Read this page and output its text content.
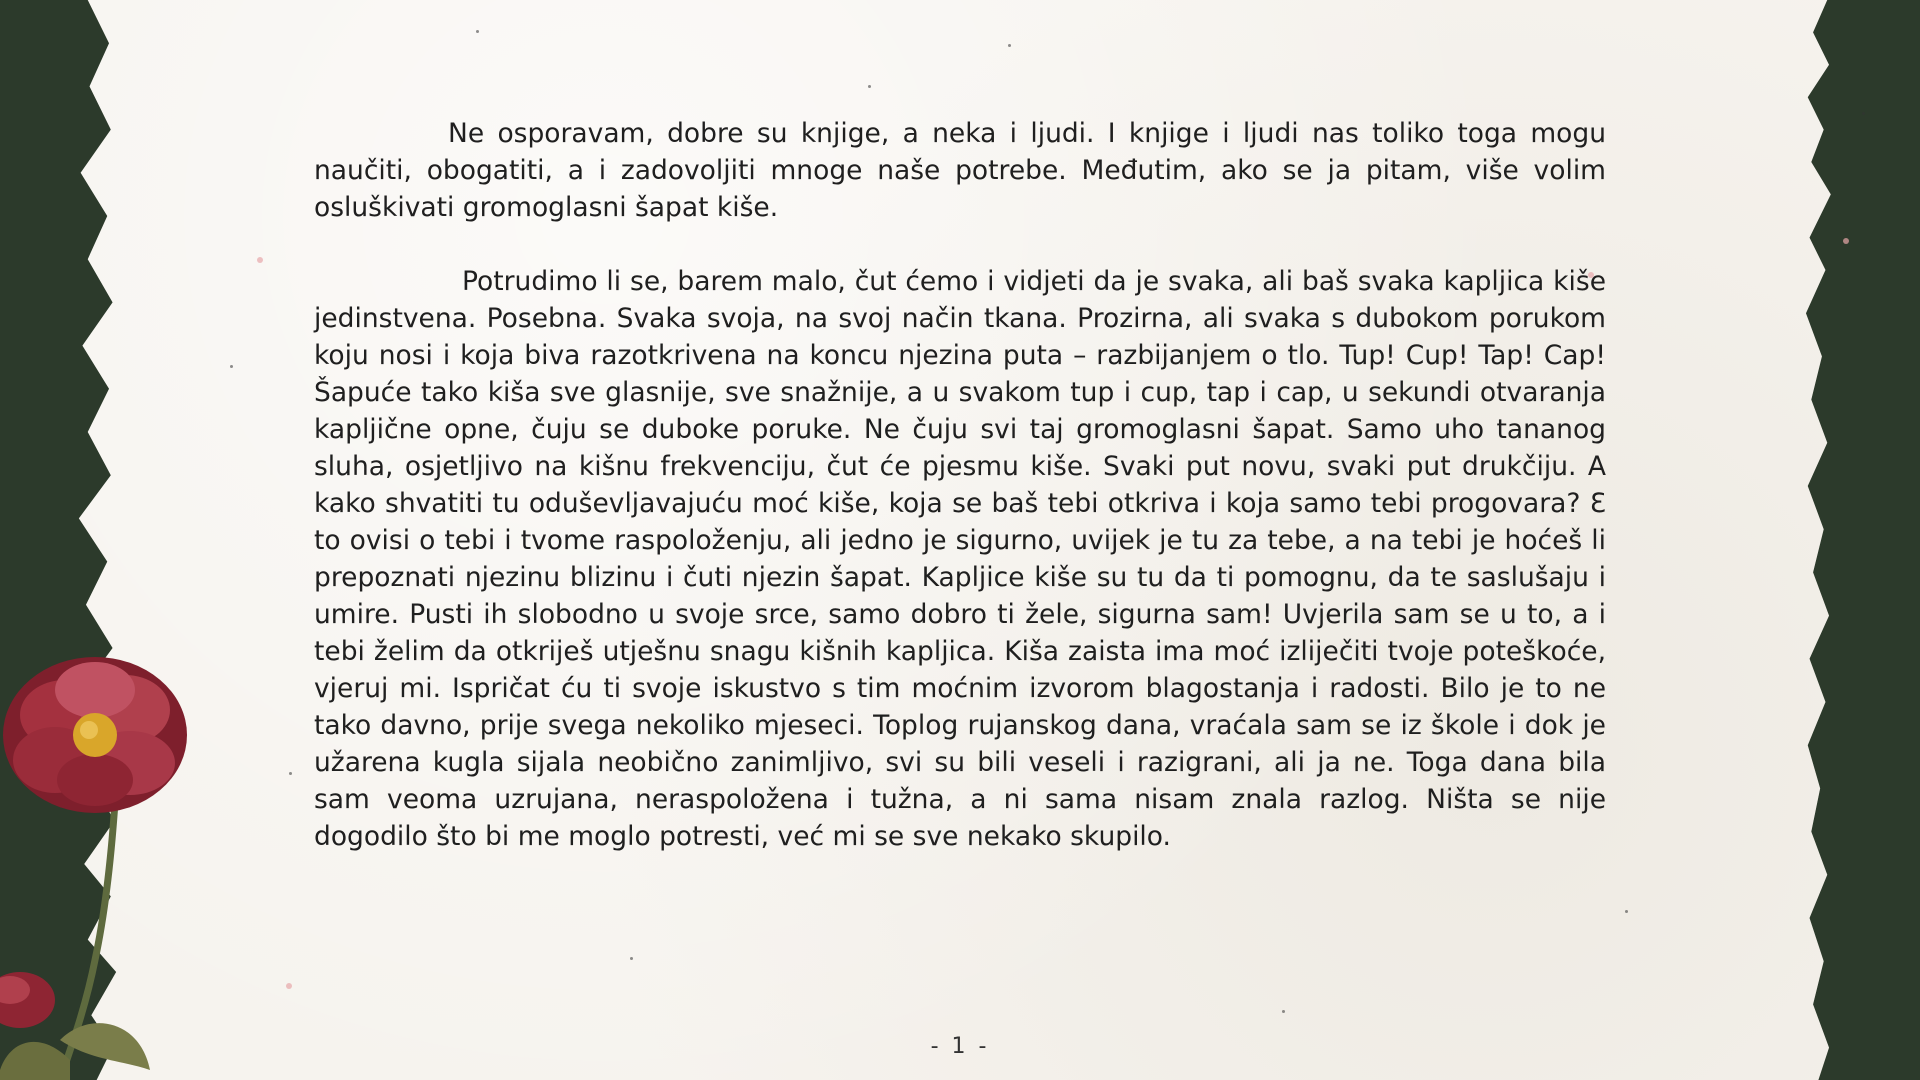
Ne osporavam, dobre su knjige, a neka i ljudi. I knjige i ljudi nas toliko toga mogu naučiti, obogatiti, a i zadovoljiti mnoge naše potrebe. Međutim, ako se ja pitam, više volim osluškivati gromoglasni šapat kiše.

Potrudimo li se, barem malo, čut ćemo i vidjeti da je svaka, ali baš svaka kapljica kiše jedinstvena. Posebna. Svaka svoja, na svoj način tkana. Prozirna, ali svaka s dubokom porukom koju nosi i koja biva razotkrivena na koncu njezina puta – razbijanjem o tlo. Tup! Cup! Tap! Cap! Šapuće tako kiša sve glasnije, sve snažnije, a u svakom tup i cup, tap i cap, u sekundi otvaranja kapljične opne, čuju se duboke poruke. Ne čuju svi taj gromoglasni šapat. Samo uho tananog sluha, osjetljivo na kišnu frekvenciju, čut će pjesmu kiše. Svaki put novu, svaki put drukčiju. A kako shvatiti tu oduševljavajuću moć kiše, koja se baš tebi otkriva i koja samo tebi progovara? Ɛ to ovisi o tebi i tvome raspoloženju, ali jedno je sigurno, uvijek je tu za tebe, a na tebi je hoćeš li prepoznati njezinu blizinu i čuti njezin šapat. Kapljice kiše su tu da ti pomognu, da te saslušaju i umire. Pusti ih slobodno u svoje srce, samo dobro ti žele, sigurna sam! Uvjerila sam se u to, a i tebi želim da otkriješ utješnu snagu kišnih kapljica. Kiša zaista ima moć izliječiti tvoje poteškoće, vjeruj mi. Ispričat ću ti svoje iskustvo s tim moćnim izvorom blagostanja i radosti. Bilo je to ne tako davno, prije svega nekoliko mjeseci. Toplog rujanskog dana, vraćala sam se iz škole i dok je užarena kugla sijala neobično zanimljivo, svi su bili veseli i razigrani, ali ja ne. Toga dana bila sam veoma uzrujana, neraspoložena i tužna, a ni sama nisam znala razlog. Ništa se nije dogodilo što bi me moglo potresti, već mi se sve nekako skupilo.

- 1 -
